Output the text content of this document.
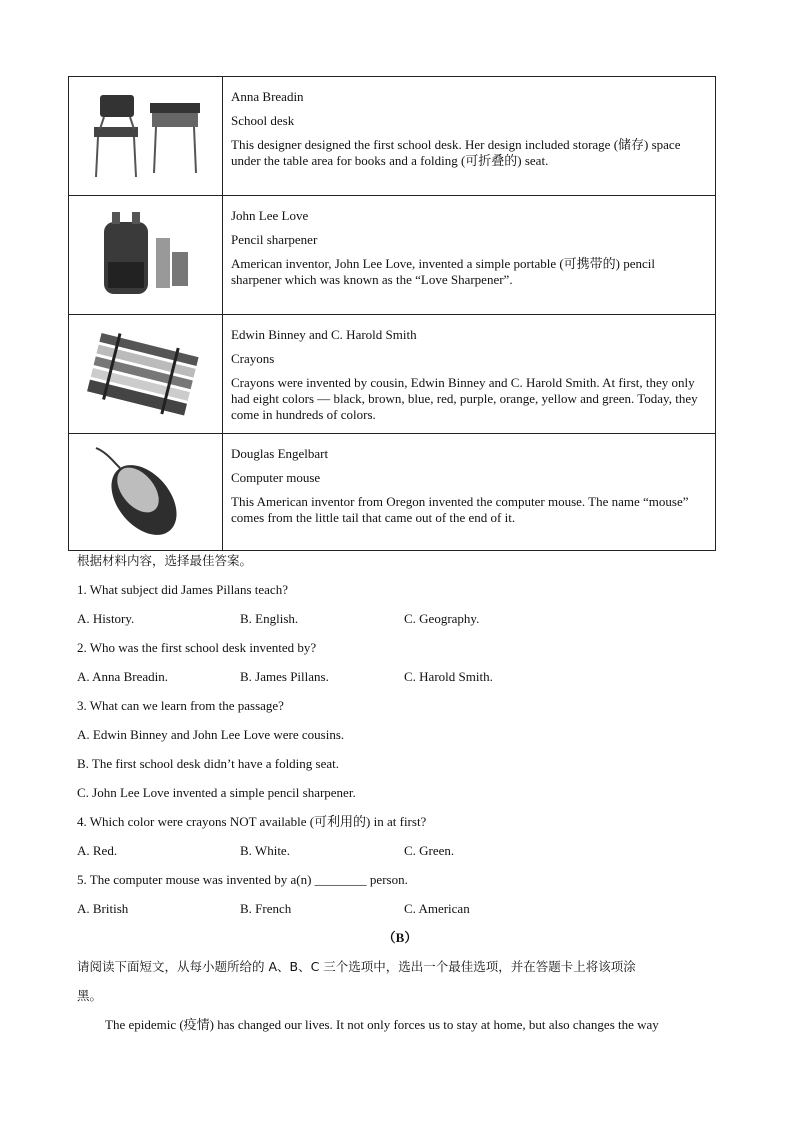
Anna Breadin
School desk
This designer designed the first school desk. Her design included storage (储存) space under the table area for books and a folding (可折叠的) seat.
John Lee Love
Pencil sharpener
American inventor, John Lee Love, invented a simple portable (可携带的) pencil sharpener which was known as the “Love Sharpener”.
Edwin Binney and C. Harold Smith
Crayons
Crayons were invented by cousin, Edwin Binney and C. Harold Smith. At first, they only had eight colors — black, brown, blue, red, purple, orange, yellow and green. Today, they come in hundreds of colors.
Douglas Engelbart
Computer mouse
This American inventor from Oregon invented the computer mouse. The name “mouse” comes from the little tail that came out of the end of it.
根据材料内容，选择最佳答案。
1. What subject did James Pillans teach?
A. History.	B. English.	C. Geography.
2. Who was the first school desk invented by?
A. Anna Breadin.	B. James Pillans.	C. Harold Smith.
3. What can we learn from the passage?
A. Edwin Binney and John Lee Love were cousins.
B. The first school desk didn’t have a folding seat.
C. John Lee Love invented a simple pencil sharpener.
4. Which color were crayons NOT available (可利用的) in at first?
A. Red.	B. White.	C. Green.
5. The computer mouse was invented by a(n) ________ person.
A. British	B. French	C. American
（B）
请阅读下面短文，从每小题所给的 A、B、C 三个选项中，选出一个最佳选项，并在答题卡上将该项涂
黑。
The epidemic (疫情) has changed our lives. It not only forces us to stay at home, but also changes the way
